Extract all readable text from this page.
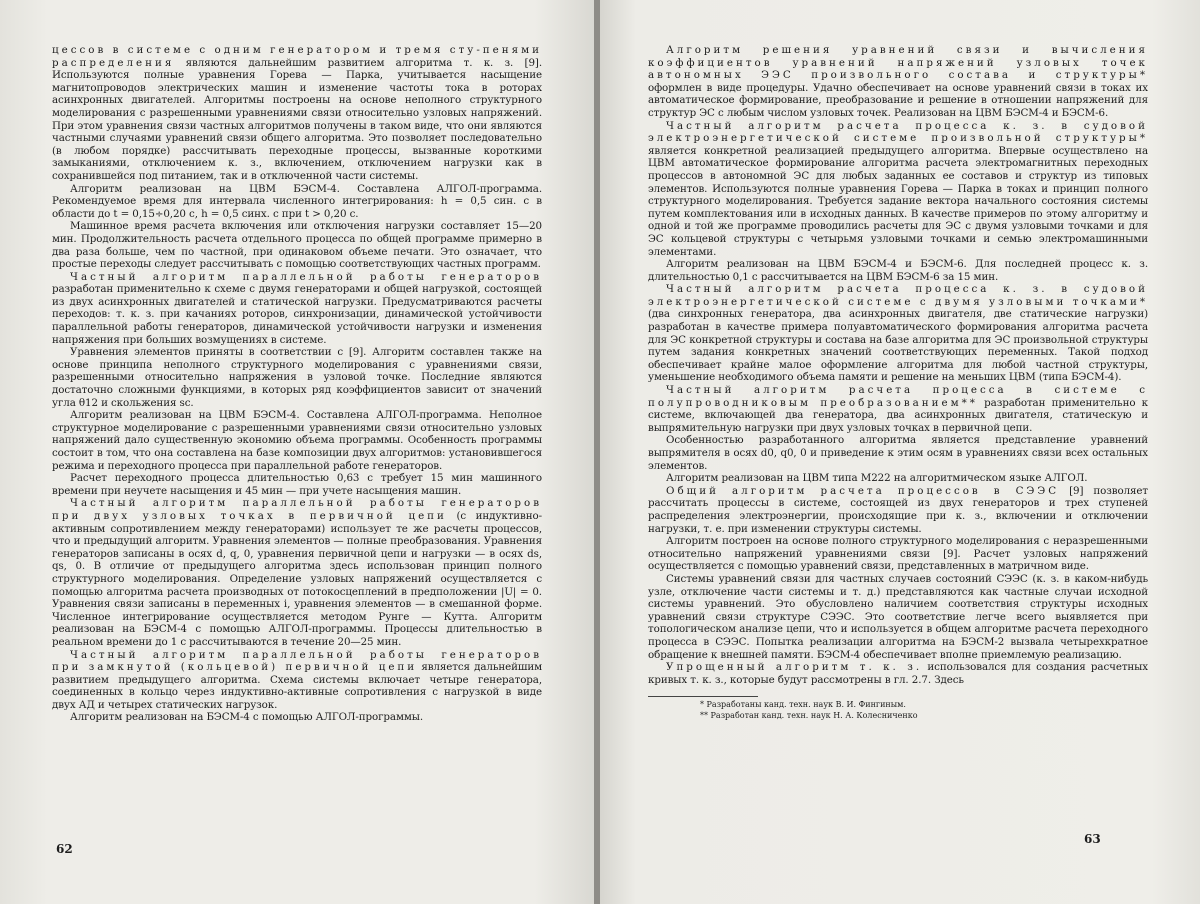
цессов в системе с одним генератором и тремя сту-пенями распределения являются дальнейшим развитием алгоритма т. к. з. [9]. Используются полные уравнения Горева — Парка, учитывается насыщение магнитопроводов электрических машин и изменение частоты тока в роторах асинхронных двигателей. Алгоритмы построены на основе неполного структурного моделирования с разрешенными уравнениями связи относительно узловых напряжений. При этом уравнения связи частных алгоритмов получены в таком виде, что они являются частными случаями уравнений связи общего алгоритма. Это позволяет последовательно (в любом порядке) рассчитывать переходные процессы, вызванные короткими замыканиями, отключением к. з., включением, отключением нагрузки как в сохранившейся под питанием, так и в отключенной части системы.

Алгоритм реализован на ЦВМ БЭСМ-4. Составлена АЛГОЛ-программа. Рекомендуемое время для интервала численного интегрирования: h = 0,5 син. с в области до t = 0,15÷0,20 с, h = 0,5 синх. с при t > 0,20 с.

Машинное время расчета включения или отключения нагрузки составляет 15—20 мин. Продолжительность расчета отдельного процесса по общей программе примерно в два раза больше, чем по частной, при одинаковом объеме печати. Это означает, что простые переходы следует рассчитывать с помощью соответствующих частных программ.

Частный алгоритм параллельной работы генераторов разработан применительно к схеме с двумя генераторами и общей нагрузкой, состоящей из двух асинхронных двигателей и статической нагрузки. Предусматриваются расчеты переходов: т. к. з. при качаниях роторов, синхронизации, динамической устойчивости параллельной работы генераторов, динамической устойчивости нагрузки и изменения напряжения при больших возмущениях в системе.

Уравнения элементов приняты в соответствии с [9]. Алгоритм составлен также на основе принципа неполного структурного моделирования с уравнениями связи, разрешенными относительно напряжения в узловой точке. Последние являются достаточно сложными функциями, в которых ряд коэффициентов зависит от значений угла θ12 и скольжения sс.

Алгоритм реализован на ЦВМ БЭСМ-4. Составлена АЛГОЛ-программа. Неполное структурное моделирование с разрешенными уравнениями связи относительно узловых напряжений дало существенную экономию объема программы. Особенность программы состоит в том, что она составлена на базе композиции двух алгоритмов: установившегося режима и переходного процесса при параллельной работе генераторов.

Расчет переходного процесса длительностью 0,63 с требует 15 мин машинного времени при неучете насыщения и 45 мин — при учете насыщения машин.

Частный алгоритм параллельной работы генераторов при двух узловых точках в первичной цепи (с индуктивно-активным сопротивлением между генераторами) использует те же расчеты процессов, что и предыдущий алгоритм. Уравнения элементов — полные преобразования. Уравнения генераторов записаны в осях d, q, 0, уравнения первичной цепи и нагрузки — в осях ds, qs, 0. В отличие от предыдущего алгоритма здесь использован принцип полного структурного моделирования. Определение узловых напряжений осуществляется с помощью алгоритма расчета производных от потокосцеплений в предположении |U| = 0. Уравнения связи записаны в переменных i, уравнения элементов — в смешанной форме. Численное интегрирование осуществляется методом Рунге — Кутта. Алгоритм реализован на БЭСМ-4 с помощью АЛГОЛ-программы. Процессы длительностью в реальном времени до 1 с рассчитываются в течение 20—25 мин.

Частный алгоритм параллельной работы генераторов при замкнутой (кольцевой) первичной цепи является дальнейшим развитием предыдущего алгоритма. Схема системы включает четыре генератора, соединенных в кольцо через индуктивно-активные сопротивления с нагрузкой в виде двух АД и четырех статических нагрузок.

Алгоритм реализован на БЭСМ-4 с помощью АЛГОЛ-программы.

62

Алгоритм решения уравнений связи и вычисления коэффициентов уравнений напряжений узловых точек автономных ЭЭС произвольного состава и структуры* оформлен в виде процедуры. Удачно обеспечивает на основе уравнений связи в токах их автоматическое формирование, преобразование и решение в отношении напряжений для структур ЭС с любым числом узловых точек. Реализован на ЦВМ БЭСМ-4 и БЭСМ-6.

Частный алгоритм расчета процесса к. з. в судовой электроэнергетической системе произвольной структуры* является конкретной реализацией предыдущего алгоритма. Впервые осуществлено на ЦВМ автоматическое формирование алгоритма расчета электромагнитных переходных процессов в автономной ЭС для любых заданных ее составов и структур из типовых элементов. Используются полные уравнения Горева — Парка в токах и принцип полного структурного моделирования. Требуется задание вектора начального состояния системы путем комплектования или в исходных данных. В качестве примеров по этому алгоритму и одной и той же программе проводились расчеты для ЭС с двумя узловыми точками и для ЭС кольцевой структуры с четырьмя узловыми точками и семью электромашинными элементами.

Алгоритм реализован на ЦВМ БЭСМ-4 и БЭСМ-6. Для последней процесс к. з. длительностью 0,1 с рассчитывается на ЦВМ БЭСМ-6 за 15 мин.

Частный алгоритм расчета процесса к. з. в судовой электроэнергетической системе с двумя узловыми точками* (два синхронных генератора, два асинхронных двигателя, две статические нагрузки) разработан в качестве примера полуавтоматического формирования алгоритма расчета для ЭС конкретной структуры и состава на базе алгоритма для ЭС произвольной структуры путем задания конкретных значений соответствующих переменных. Такой подход обеспечивает крайне малое оформление алгоритма для любой частной структуры, уменьшение необходимого объема памяти и решение на меньших ЦВМ (типа БЭСМ-4).

Частный алгоритм расчета процесса в системе с полупроводниковым преобразованием** разработан применительно к системе, включающей два генератора, два асинхронных двигателя, статическую и выпрямительную нагрузки при двух узловых точках в первичной цепи.

Особенностью разработанного алгоритма является представление уравнений выпрямителя в осях d0, q0, 0 и приведение к этим осям в уравнениях связи всех остальных элементов.

Алгоритм реализован на ЦВМ типа М222 на алгоритмическом языке АЛГОЛ.

Общий алгоритм расчета процессов в СЭЭС [9] позволяет рассчитать процессы в системе, состоящей из двух генераторов и трех ступеней распределения электроэнергии, происходящие при к. з., включении и отключении нагрузки, т. е. при изменении структуры системы.

Алгоритм построен на основе полного структурного моделирования с неразрешенными относительно напряжений уравнениями связи [9]. Расчет узловых напряжений осуществляется с помощью уравнений связи, представленных в матричном виде.

Системы уравнений связи для частных случаев состояний СЭЭС (к. з. в каком-нибудь узле, отключение части системы и т. д.) представляются как частные случаи исходной системы уравнений. Это обусловлено наличием соответствия структуры исходных уравнений связи структуре СЭЭС. Это соответствие легче всего выявляется при топологическом анализе цепи, что и используется в общем алгоритме расчета переходного процесса в СЭЭС. Попытка реализации алгоритма на БЭСМ-2 вызвала четырехкратное обращение к внешней памяти. БЭСМ-4 обеспечивает вполне приемлемую реализацию.

Упрощенный алгоритм т. к. з. использовался для создания расчетных кривых т. к. з., которые будут рассмотрены в гл. 2.7. Здесь

* Разработаны канд. техн. наук В. И. Фингиным.

** Разработан канд. техн. наук Н. А. Колесниченко

63
